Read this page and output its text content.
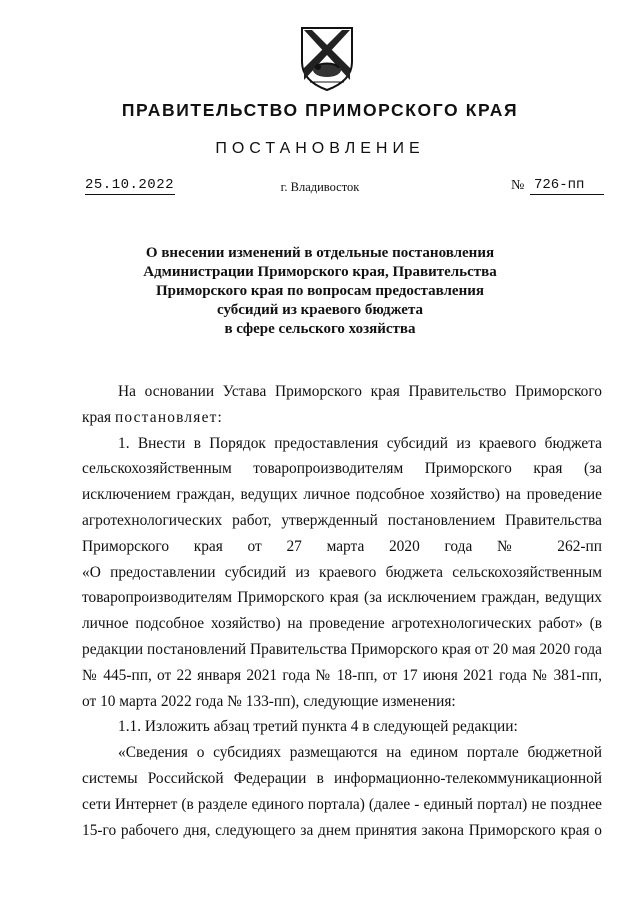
ПРАВИТЕЛЬСТВО ПРИМОРСКОГО КРАЯ
ПОСТАНОВЛЕНИЕ
25.10.2022	г. Владивосток	№ 726-пп
О внесении изменений в отдельные постановления
Администрации Приморского края, Правительства
Приморского края по вопросам предоставления
субсидий из краевого бюджета
в сфере сельского хозяйства
На основании Устава Приморского края Правительство Приморского
края постановляет:
1. Внести в Порядок предоставления субсидий из краевого бюджета
сельскохозяйственным товаропроизводителям Приморского края (за
исключением граждан, ведущих личное подсобное хозяйство) на проведение
агротехнологических работ, утвержденный постановлением Правительства
Приморского края от 27 марта 2020 года № 262-пп
«О предоставлении субсидий из краевого бюджета сельскохозяйственным
товаропроизводителям Приморского края (за исключением граждан, ведущих
личное подсобное хозяйство) на проведение агротехнологических работ» (в
редакции постановлений Правительства Приморского края от 20 мая 2020 года
№ 445-пп, от 22 января 2021 года № 18-пп, от 17 июня 2021 года № 381-пп,
от 10 марта 2022 года № 133-пп), следующие изменения:
1.1. Изложить абзац третий пункта 4 в следующей редакции:
«Сведения о субсидиях размещаются на едином портале бюджетной
системы Российской Федерации в информационно-телекоммуникационной
сети Интернет (в разделе единого портала) (далее - единый портал) не позднее
15-го рабочего дня, следующего за днем принятия закона Приморского края о
